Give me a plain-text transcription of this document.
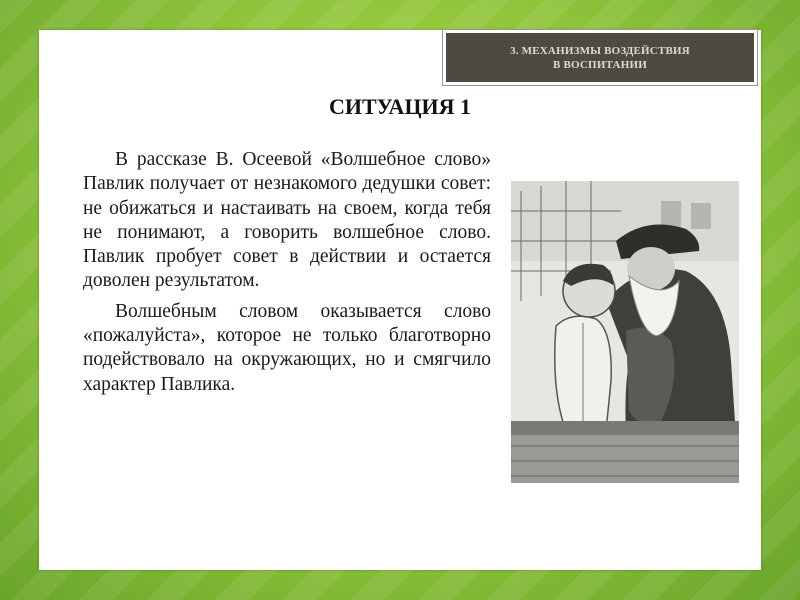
3. МЕХАНИЗМЫ ВОЗДЕЙСТВИЯ
В ВОСПИТАНИИ
СИТУАЦИЯ 1

В рассказе В. Осеевой «Волшебное слово» Павлик получает от незнакомого дедушки совет: не обижаться и настаивать на своем, когда тебя не понимают, а говорить волшебное слово. Павлик пробует совет в действии и остается доволен результатом.

Волшебным словом оказывается слово «пожалуйста», которое не только благотворно подействовало на окружающих, но и смягчило характер Павлика.
